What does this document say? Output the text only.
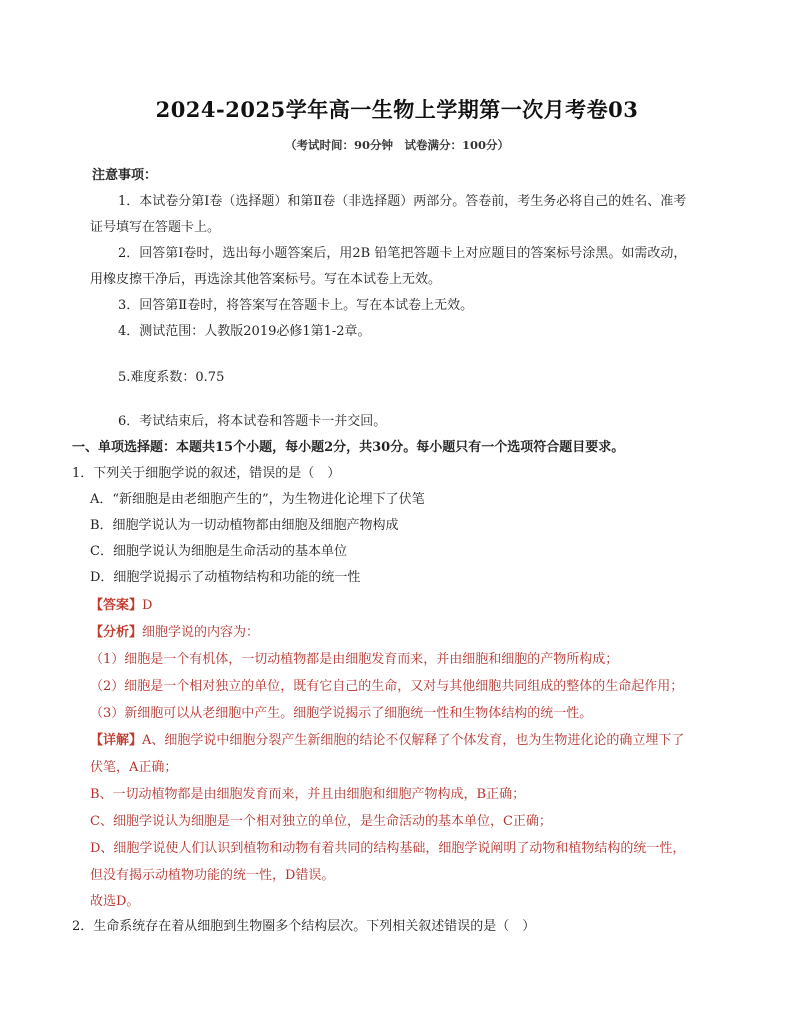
2024-2025学年高一生物上学期第一次月考卷03
（考试时间：90分钟　试卷满分：100分）
注意事项：
1．本试卷分第Ⅰ卷（选择题）和第Ⅱ卷（非选择题）两部分。答卷前，考生务必将自己的姓名、准考
证号填写在答题卡上。
2．回答第Ⅰ卷时，选出每小题答案后，用2B 铅笔把答题卡上对应题目的答案标号涂黑。如需改动，
用橡皮擦干净后，再选涂其他答案标号。写在本试卷上无效。
3．回答第Ⅱ卷时，将答案写在答题卡上。写在本试卷上无效。
4．测试范围：人教版2019必修1第1-2章。
5.难度系数：0.75
6．考试结束后，将本试卷和答题卡一并交回。
一、单项选择题：本题共15个小题，每小题2分，共30分。每小题只有一个选项符合题目要求。
1．下列关于细胞学说的叙述，错误的是（　）
A．“新细胞是由老细胞产生的”，为生物进化论埋下了伏笔
B．细胞学说认为一切动植物都由细胞及细胞产物构成
C．细胞学说认为细胞是生命活动的基本单位
D．细胞学说揭示了动植物结构和功能的统一性
【答案】D
【分析】细胞学说的内容为：
（1）细胞是一个有机体，一切动植物都是由细胞发育而来，并由细胞和细胞的产物所构成；
（2）细胞是一个相对独立的单位，既有它自己的生命，又对与其他细胞共同组成的整体的生命起作用；
（3）新细胞可以从老细胞中产生。细胞学说揭示了细胞统一性和生物体结构的统一性。
【详解】A、细胞学说中细胞分裂产生新细胞的结论不仅解释了个体发育，也为生物进化论的确立埋下了
伏笔，A正确；
B、一切动植物都是由细胞发育而来，并且由细胞和细胞产物构成，B正确；
C、细胞学说认为细胞是一个相对独立的单位，是生命活动的基本单位，C正确；
D、细胞学说使人们认识到植物和动物有着共同的结构基础，细胞学说阐明了动物和植物结构的统一性，
但没有揭示动植物功能的统一性，D错误。
故选D。
2．生命系统存在着从细胞到生物圈多个结构层次。下列相关叙述错误的是（　）
